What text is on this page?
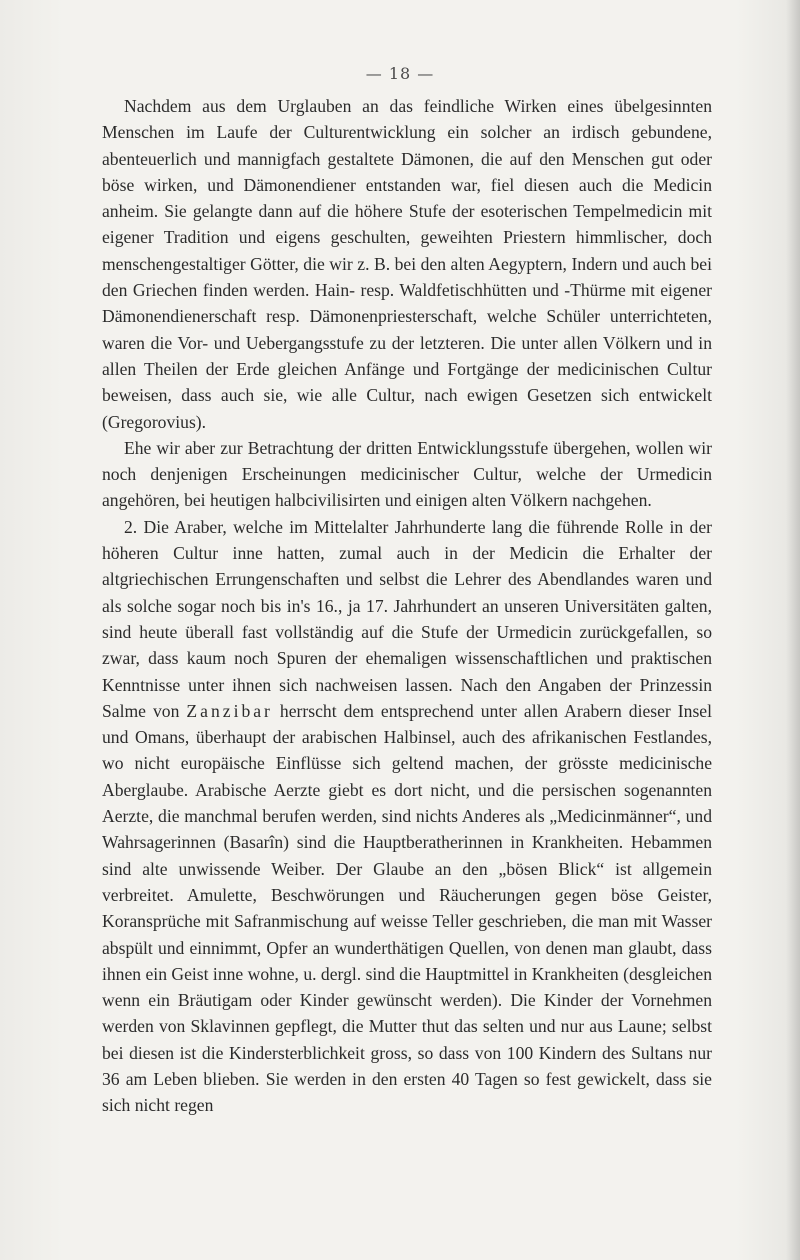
— 18 —

Nachdem aus dem Urglauben an das feindliche Wirken eines übelgesinnten Menschen im Laufe der Culturentwicklung ein solcher an irdisch gebundene, abenteuerlich und mannigfach gestaltete Dämonen, die auf den Menschen gut oder böse wirken, und Dämonendiener entstanden war, fiel diesen auch die Medicin anheim. Sie gelangte dann auf die höhere Stufe der esoterischen Tempelmedicin mit eigener Tradition und eigens geschulten, geweihten Priestern himmlischer, doch menschengestaltiger Götter, die wir z. B. bei den alten Aegyptern, Indern und auch bei den Griechen finden werden. Hain- resp. Waldfetischhütten und -Thürme mit eigener Dämonendienerschaft resp. Dämonenpriesterschaft, welche Schüler unterrichteten, waren die Vor- und Uebergangsstufe zu der letzteren. Die unter allen Völkern und in allen Theilen der Erde gleichen Anfänge und Fortgänge der medicinischen Cultur beweisen, dass auch sie, wie alle Cultur, nach ewigen Gesetzen sich entwickelt (Gregorovius).

Ehe wir aber zur Betrachtung der dritten Entwicklungsstufe übergehen, wollen wir noch denjenigen Erscheinungen medicinischer Cultur, welche der Urmedicin angehören, bei heutigen halbcivilisirten und einigen alten Völkern nachgehen.

2. Die Araber, welche im Mittelalter Jahrhunderte lang die führende Rolle in der höheren Cultur inne hatten, zumal auch in der Medicin die Erhalter der altgriechischen Errungenschaften und selbst die Lehrer des Abendlandes waren und als solche sogar noch bis in's 16., ja 17. Jahrhundert an unseren Universitäten galten, sind heute überall fast vollständig auf die Stufe der Urmedicin zurückgefallen, so zwar, dass kaum noch Spuren der ehemaligen wissenschaftlichen und praktischen Kenntnisse unter ihnen sich nachweisen lassen. Nach den Angaben der Prinzessin Salme von Zanzibar herrscht dem entsprechend unter allen Arabern dieser Insel und Omans, überhaupt der arabischen Halbinsel, auch des afrikanischen Festlandes, wo nicht europäische Einflüsse sich geltend machen, der grösste medicinische Aberglaube. Arabische Aerzte giebt es dort nicht, und die persischen sogenannten Aerzte, die manchmal berufen werden, sind nichts Anderes als „Medicinmänner“, und Wahrsagerinnen (Basarîn) sind die Hauptberatherinnen in Krankheiten. Hebammen sind alte unwissende Weiber. Der Glaube an den „bösen Blick“ ist allgemein verbreitet. Amulette, Beschwörungen und Räucherungen gegen böse Geister, Koransprüche mit Safranmischung auf weisse Teller geschrieben, die man mit Wasser abspült und einnimmt, Opfer an wunderthätigen Quellen, von denen man glaubt, dass ihnen ein Geist inne wohne, u. dergl. sind die Hauptmittel in Krankheiten (desgleichen wenn ein Bräutigam oder Kinder gewünscht werden). Die Kinder der Vornehmen werden von Sklavinnen gepflegt, die Mutter thut das selten und nur aus Laune; selbst bei diesen ist die Kindersterblichkeit gross, so dass von 100 Kindern des Sultans nur 36 am Leben blieben. Sie werden in den ersten 40 Tagen so fest gewickelt, dass sie sich nicht regen
